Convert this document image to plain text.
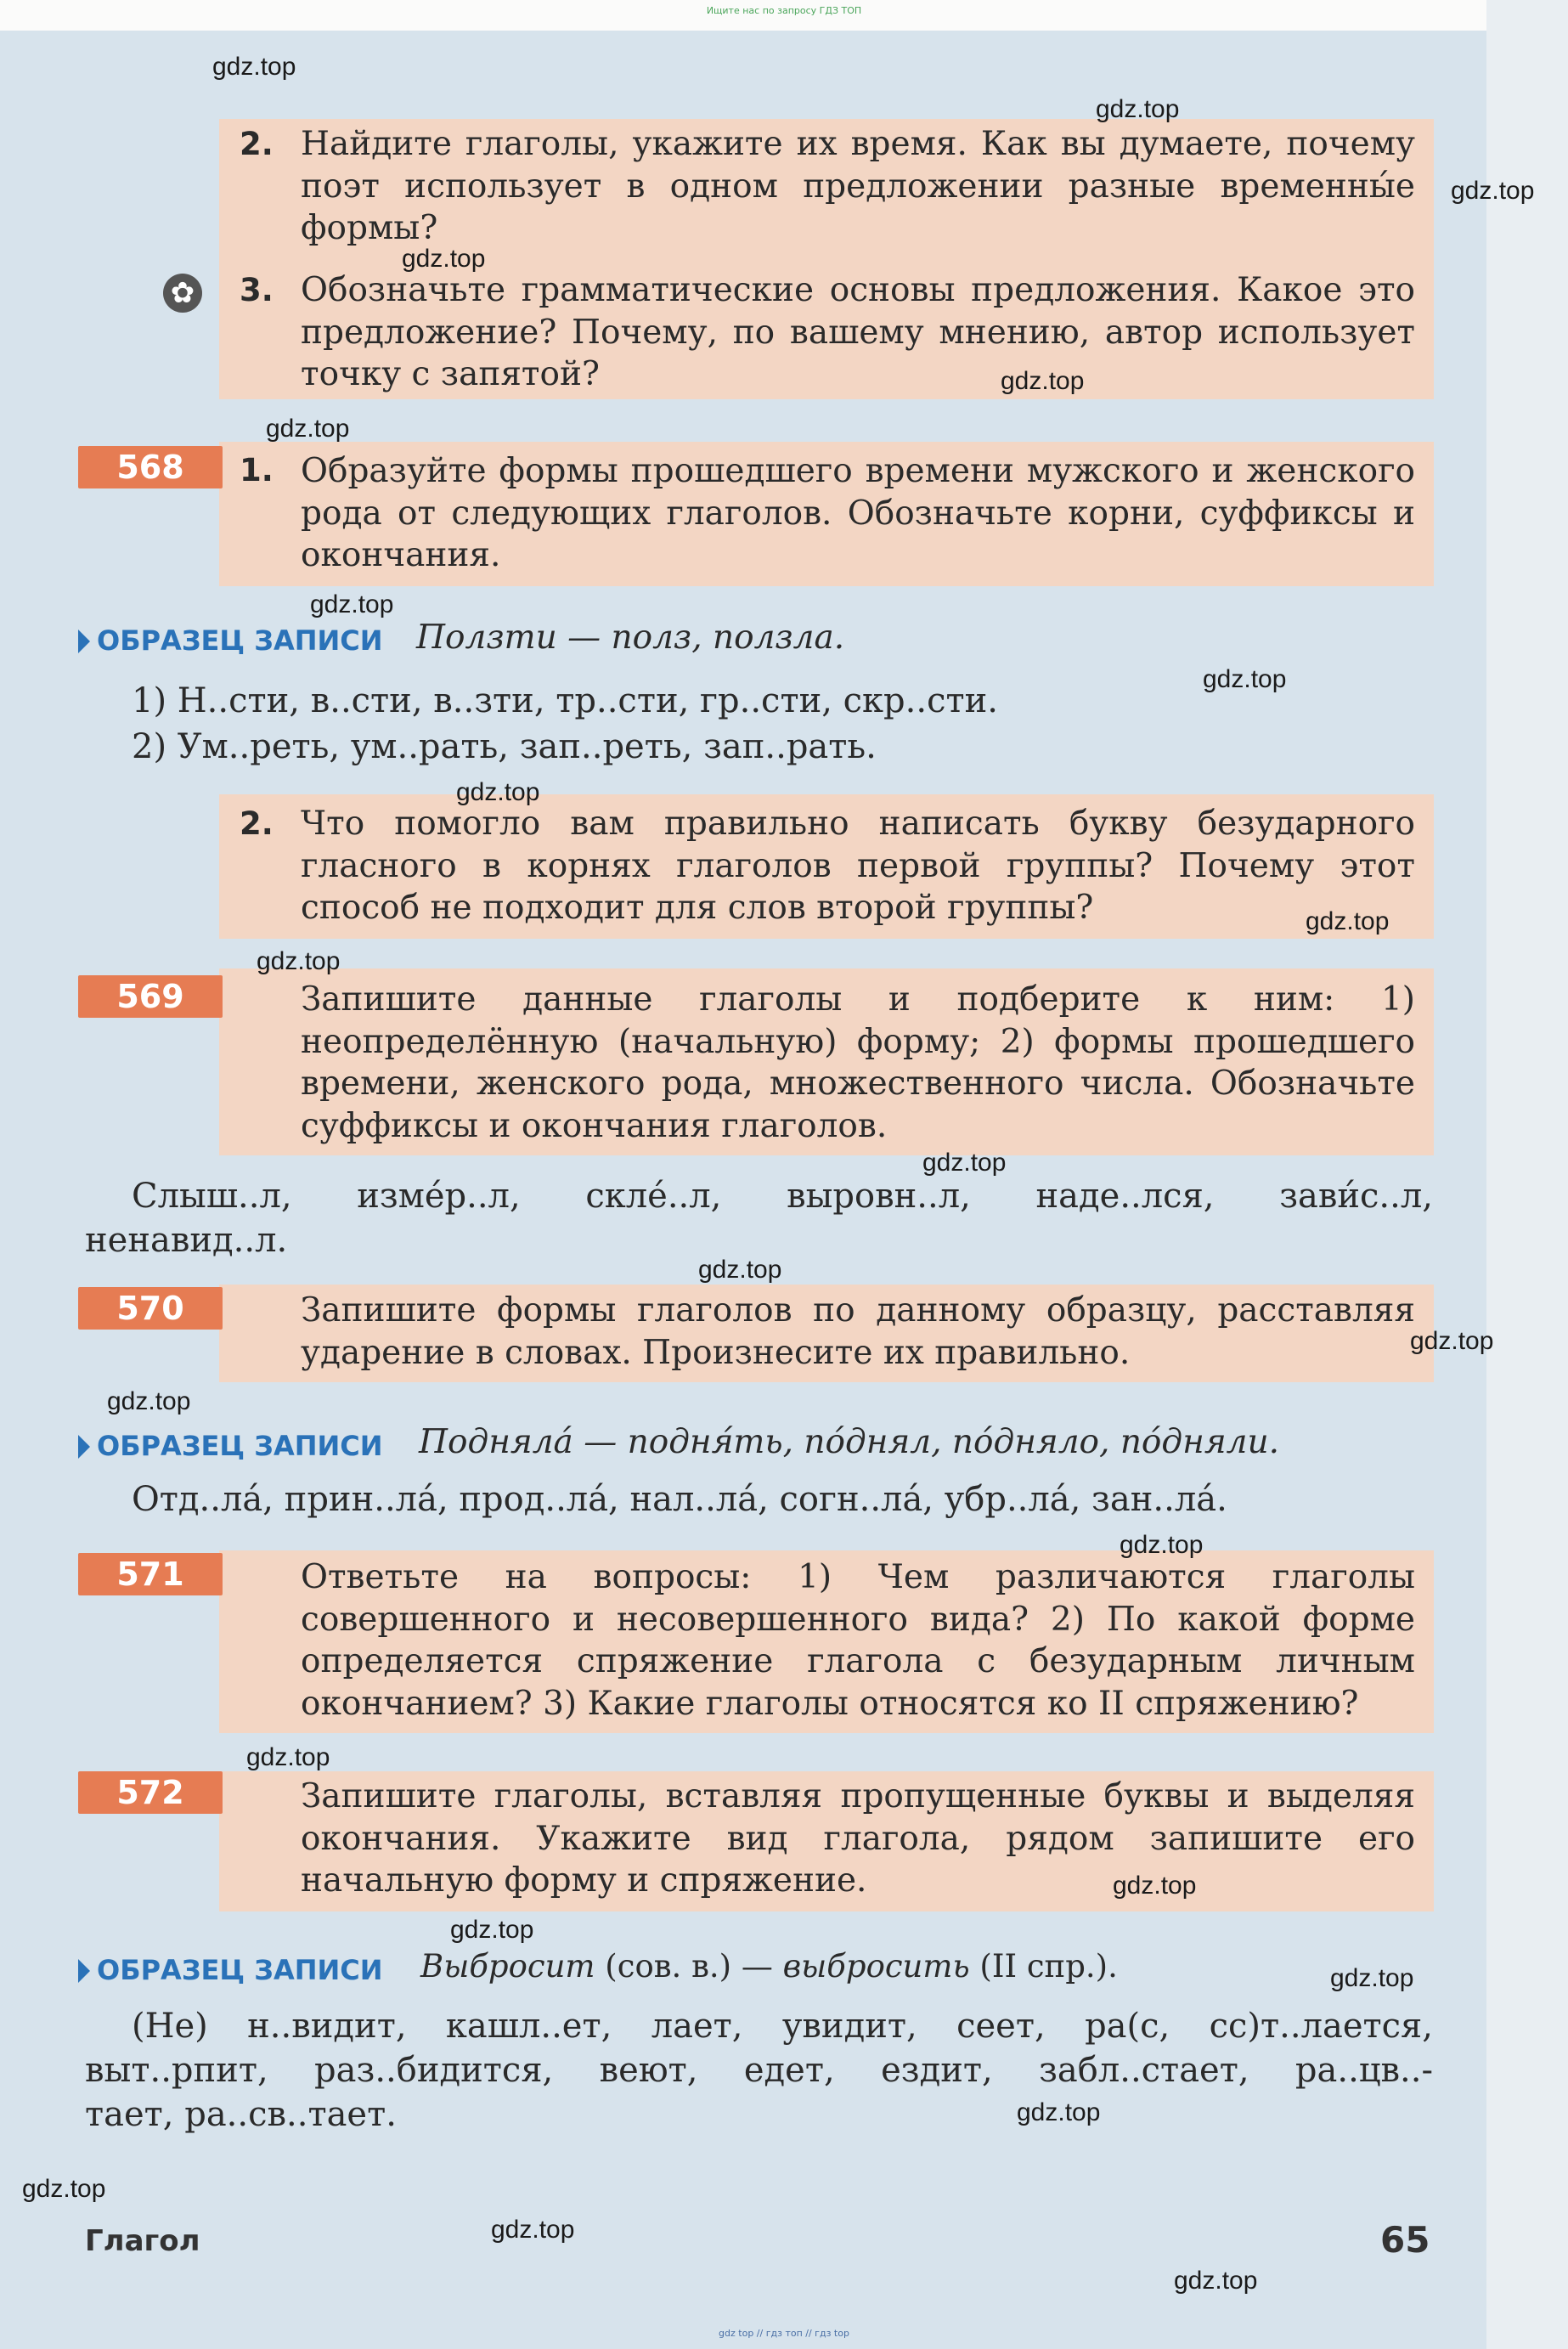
Ищите нас по запросу ГДЗ ТОП
2. Найдите глаголы, укажите их время. Как вы думаете, почему поэт использует в одном предложении разные временны́е формы?
✿ 3. Обозначьте грамматические основы предложения. Какое это предложение? Почему, по вашему мнению, автор использует точку с запятой?
568	1. Образуйте формы прошедшего времени мужского и женского рода от следующих глаголов. Обозначьте корни, суффиксы и окончания.
ОБРАЗЕЦ ЗАПИСИ Ползти — полз, ползла.
1) Н..сти, в..сти, в..зти, тр..сти, гр..сти, скр..сти.
2) Ум..реть, ум..рать, зап..реть, зап..рать.
2. Что помогло вам правильно написать букву безударного гласного в корнях глаголов первой группы? Почему этот способ не подходит для слов второй группы?
569	Запишите данные глаголы и подберите к ним: 1) неопределённую (начальную) форму; 2) формы прошедшего времени, женского рода, множественного числа. Обозначьте суффиксы и окончания глаголов.
Слыш..л, изме́р..л, скле́..л, выровн..л, наде..лся, зави́с..л,
ненавид..л.
570	Запишите формы глаголов по данному образцу, расставляя ударение в словах. Произнесите их правильно.
ОБРАЗЕЦ ЗАПИСИ Подняла́ — подня́ть, по́днял, по́дняло, по́дняли.
Отд..ла́, прин..ла́, прод..ла́, нал..ла́, согн..ла́, убр..ла́, зан..ла́.
571	Ответьте на вопросы: 1) Чем различаются глаголы совершенного и несовершенного вида? 2) По какой форме определяется спряжение глагола с безударным личным окончанием? 3) Какие глаголы относятся ко II спряжению?
572	Запишите глаголы, вставляя пропущенные буквы и выделяя окончания. Укажите вид глагола, рядом запишите его начальную форму и спряжение.
ОБРАЗЕЦ ЗАПИСИ Выбросит (сов. в.) — выбросить (II спр.).
(Не) н..видит, кашл..ет, лает, увидит, сеет, ра(с, сс)т..лается,
выт..рпит, раз..бидится, веют, едет, ездит, забл..стает, ра..цв..-
тает, ра..св..тает.
Глагол	65
gdz top // гдз топ // гдз top
gdz.top
gdz.top
gdz.top
gdz.top
gdz.top
gdz.top
gdz.top
gdz.top
gdz.top
gdz.top
gdz.top
gdz.top
gdz.top
gdz.top
gdz.top
gdz.top
gdz.top
gdz.top
gdz.top
gdz.top
gdz.top
gdz.top
gdz.top
gdz.top
